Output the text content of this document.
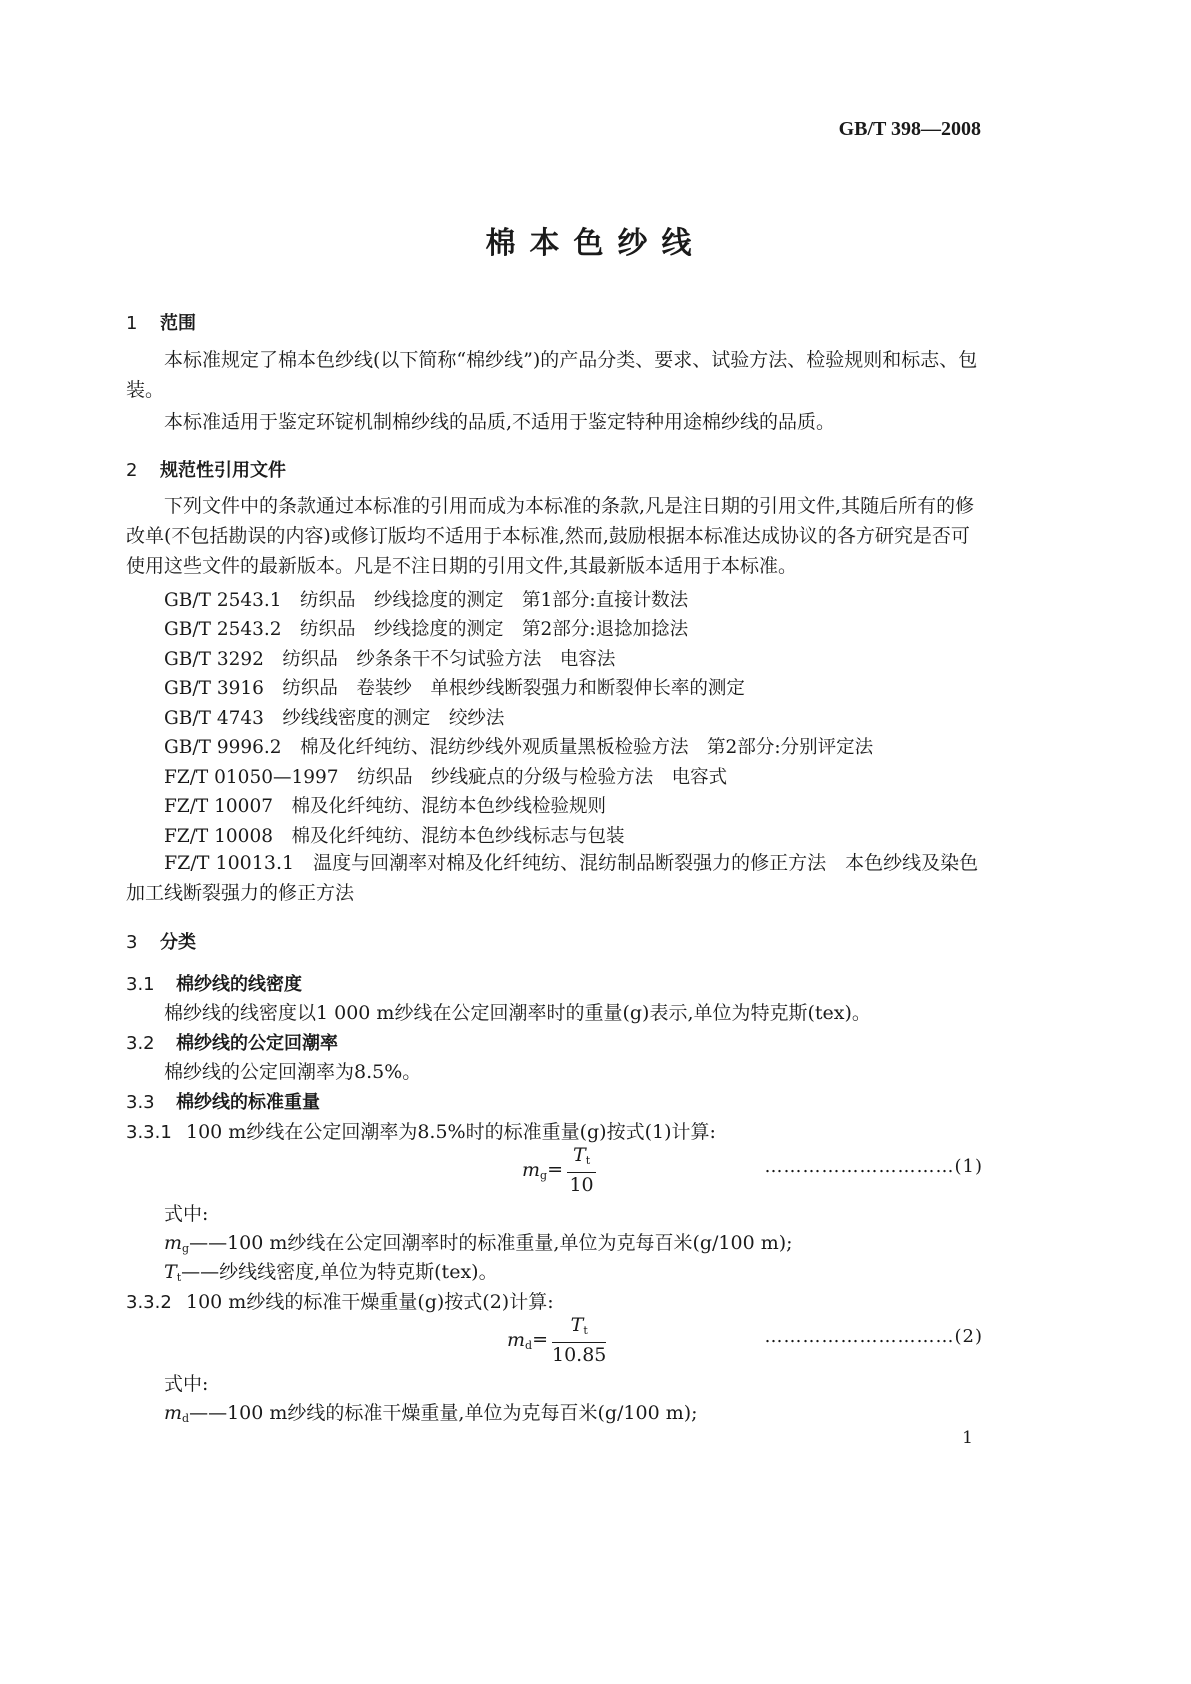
GB/T 398—2008
棉本色纱线
1 范围
本标准规定了棉本色纱线(以下简称“棉纱线”)的产品分类、要求、试验方法、检验规则和标志、包装。
本标准适用于鉴定环锭机制棉纱线的品质,不适用于鉴定特种用途棉纱线的品质。
2 规范性引用文件
下列文件中的条款通过本标准的引用而成为本标准的条款,凡是注日期的引用文件,其随后所有的修改单(不包括勘误的内容)或修订版均不适用于本标准,然而,鼓励根据本标准达成协议的各方研究是否可使用这些文件的最新版本。凡是不注日期的引用文件,其最新版本适用于本标准。
GB/T 2543.1　纺织品　纱线捻度的测定　第1部分:直接计数法
GB/T 2543.2　纺织品　纱线捻度的测定　第2部分:退捻加捻法
GB/T 3292　纺织品　纱条条干不匀试验方法　电容法
GB/T 3916　纺织品　卷装纱　单根纱线断裂强力和断裂伸长率的测定
GB/T 4743　纱线线密度的测定　绞纱法
GB/T 9996.2　棉及化纤纯纺、混纺纱线外观质量黑板检验方法　第2部分:分别评定法
FZ/T 01050—1997　纺织品　纱线疵点的分级与检验方法　电容式
FZ/T 10007　棉及化纤纯纺、混纺本色纱线检验规则
FZ/T 10008　棉及化纤纯纺、混纺本色纱线标志与包装
FZ/T 10013.1　温度与回潮率对棉及化纤纯纺、混纺制品断裂强力的修正方法　本色纱线及染色加工线断裂强力的修正方法
3 分类
3.1 棉纱线的线密度
棉纱线的线密度以1 000 m纱线在公定回潮率时的重量(g)表示,单位为特克斯(tex)。
3.2 棉纱线的公定回潮率
棉纱线的公定回潮率为8.5%。
3.3 棉纱线的标准重量
3.3.1 100 m纱线在公定回潮率为8.5%时的标准重量(g)按式(1)计算:
$m_g= \frac{T_t}{10}$	…………………………(1)
式中:
$m_g——100$ m纱线在公定回潮率时的标准重量,单位为克每百米(g/100 m);
$T_t——$纱线线密度,单位为特克斯(tex)。
3.3.2 100 m纱线的标准干燥重量(g)按式(2)计算:
$m_d= \frac{T_t}{10.85}$	…………………………(2)
式中:
$m_d——100$ m纱线的标准干燥重量,单位为克每百米(g/100 m);
1
